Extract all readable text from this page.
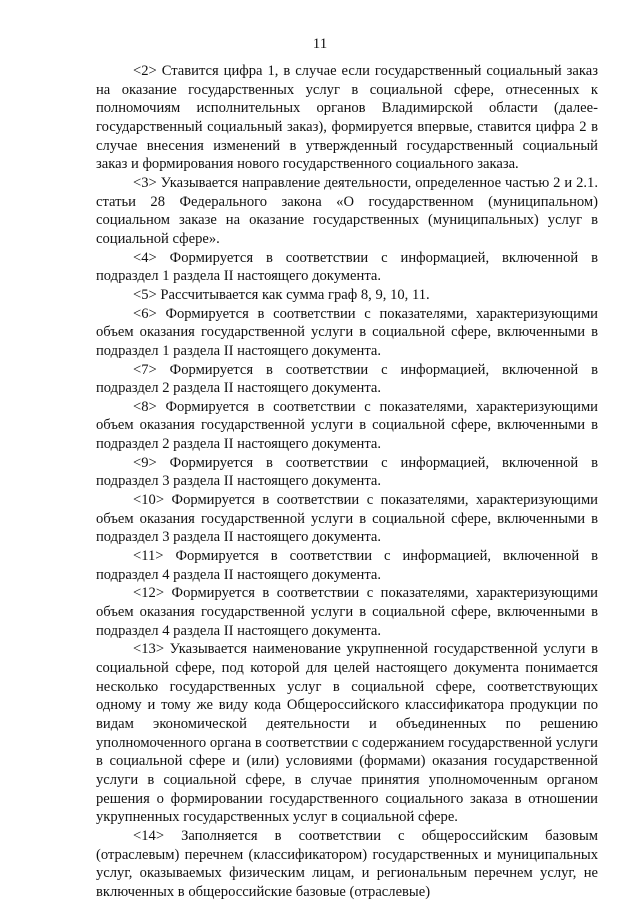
11

<2> Ставится цифра 1, в случае если государственный социальный заказ на оказание государственных услуг в социальной сфере, отнесенных к полномочиям исполнительных органов Владимирской области (далее- государственный социальный заказ), формируется впервые, ставится цифра 2 в случае внесения изменений в утвержденный государственный социальный заказ и формирования нового государственного социального заказа.

<3> Указывается направление деятельности, определенное частью 2 и 2.1. статьи 28 Федерального закона «О государственном (муниципальном) социальном заказе на оказание государственных (муниципальных) услуг в социальной сфере».

<4> Формируется в соответствии с информацией, включенной в подраздел 1 раздела II настоящего документа.

<5> Рассчитывается как сумма граф 8, 9, 10, 11.

<6> Формируется в соответствии с показателями, характеризующими объем оказания государственной услуги в социальной сфере, включенными в подраздел 1 раздела II настоящего документа.

<7> Формируется в соответствии с информацией, включенной в подраздел 2 раздела II настоящего документа.

<8> Формируется в соответствии с показателями, характеризующими объем оказания государственной услуги в социальной сфере, включенными в подраздел 2 раздела II настоящего документа.

<9> Формируется в соответствии с информацией, включенной в подраздел 3 раздела II настоящего документа.

<10> Формируется в соответствии с показателями, характеризующими объем оказания государственной услуги в социальной сфере, включенными в подраздел 3 раздела II настоящего документа.

<11> Формируется в соответствии с информацией, включенной в подраздел 4 раздела II настоящего документа.

<12> Формируется в соответствии с показателями, характеризующими объем оказания государственной услуги в социальной сфере, включенными в подраздел 4 раздела II настоящего документа.

<13> Указывается наименование укрупненной государственной услуги в социальной сфере, под которой для целей настоящего документа понимается несколько государственных услуг в социальной сфере, соответствующих одному и тому же виду кода Общероссийского классификатора продукции по видам экономической деятельности и объединенных по решению уполномоченного органа в соответствии с содержанием государственной услуги в социальной сфере и (или) условиями (формами) оказания государственной услуги в социальной сфере, в случае принятия уполномоченным органом решения о формировании государственного социального заказа в отношении укрупненных государственных услуг в социальной сфере.

<14> Заполняется в соответствии с общероссийским базовым (отраслевым) перечнем (классификатором) государственных и муниципальных услуг, оказываемых физическим лицам, и региональным перечнем услуг, не включенных в общероссийские базовые (отраслевые)
